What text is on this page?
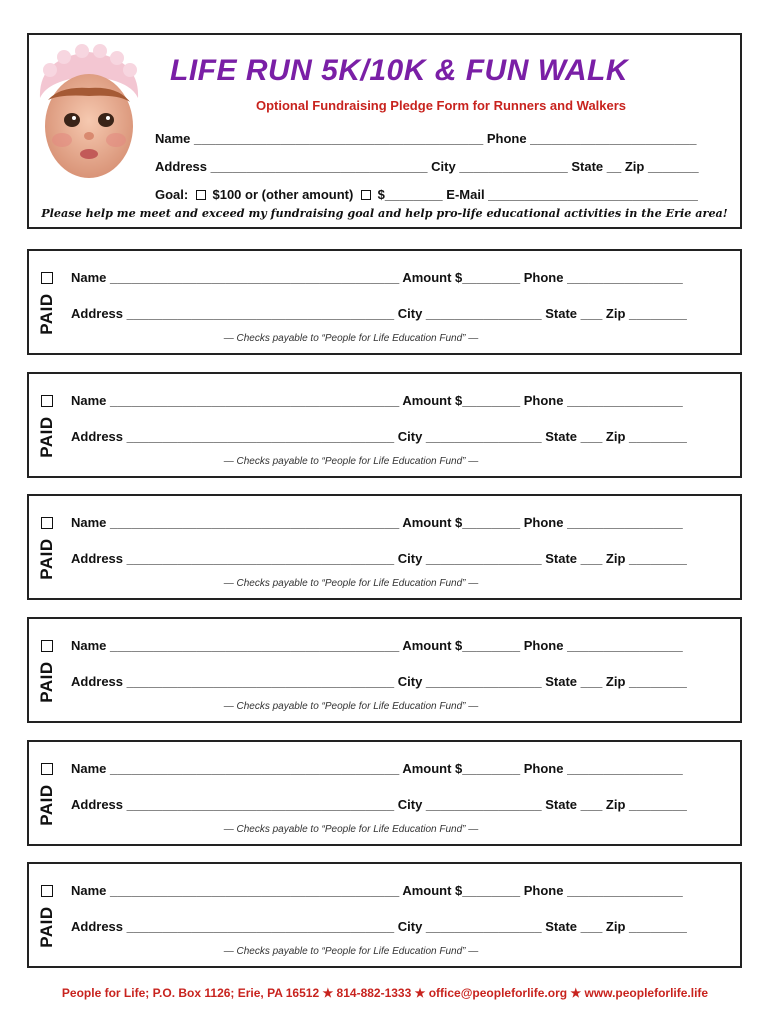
LIFE RUN 5K/10K & FUN WALK
Optional Fundraising Pledge Form for Runners and Walkers
Name ________________________________________ Phone _______________________
Address ______________________________ City _______________ State __ Zip _______
Goal: $100 or (other amount) $________ E-Mail _____________________________
Please help me meet and exceed my fundraising goal and help pro-life educational activities in the Erie area!
PAID
Name ________________________________________ Amount $________ Phone ________________
Address _____________________________________ City ________________ State ___ Zip ________
— Checks payable to “People for Life Education Fund” —
PAID
Name ________________________________________ Amount $________ Phone ________________
Address _____________________________________ City ________________ State ___ Zip ________
— Checks payable to “People for Life Education Fund” —
PAID
Name ________________________________________ Amount $________ Phone ________________
Address _____________________________________ City ________________ State ___ Zip ________
— Checks payable to “People for Life Education Fund” —
PAID
Name ________________________________________ Amount $________ Phone ________________
Address _____________________________________ City ________________ State ___ Zip ________
— Checks payable to “People for Life Education Fund” —
PAID
Name ________________________________________ Amount $________ Phone ________________
Address _____________________________________ City ________________ State ___ Zip ________
— Checks payable to “People for Life Education Fund” —
PAID
Name ________________________________________ Amount $________ Phone ________________
Address _____________________________________ City ________________ State ___ Zip ________
— Checks payable to “People for Life Education Fund” —
People for Life; P.O. Box 1126; Erie, PA 16512 ★ 814-882-1333 ★ office@peopleforlife.org ★ www.peopleforlife.life
